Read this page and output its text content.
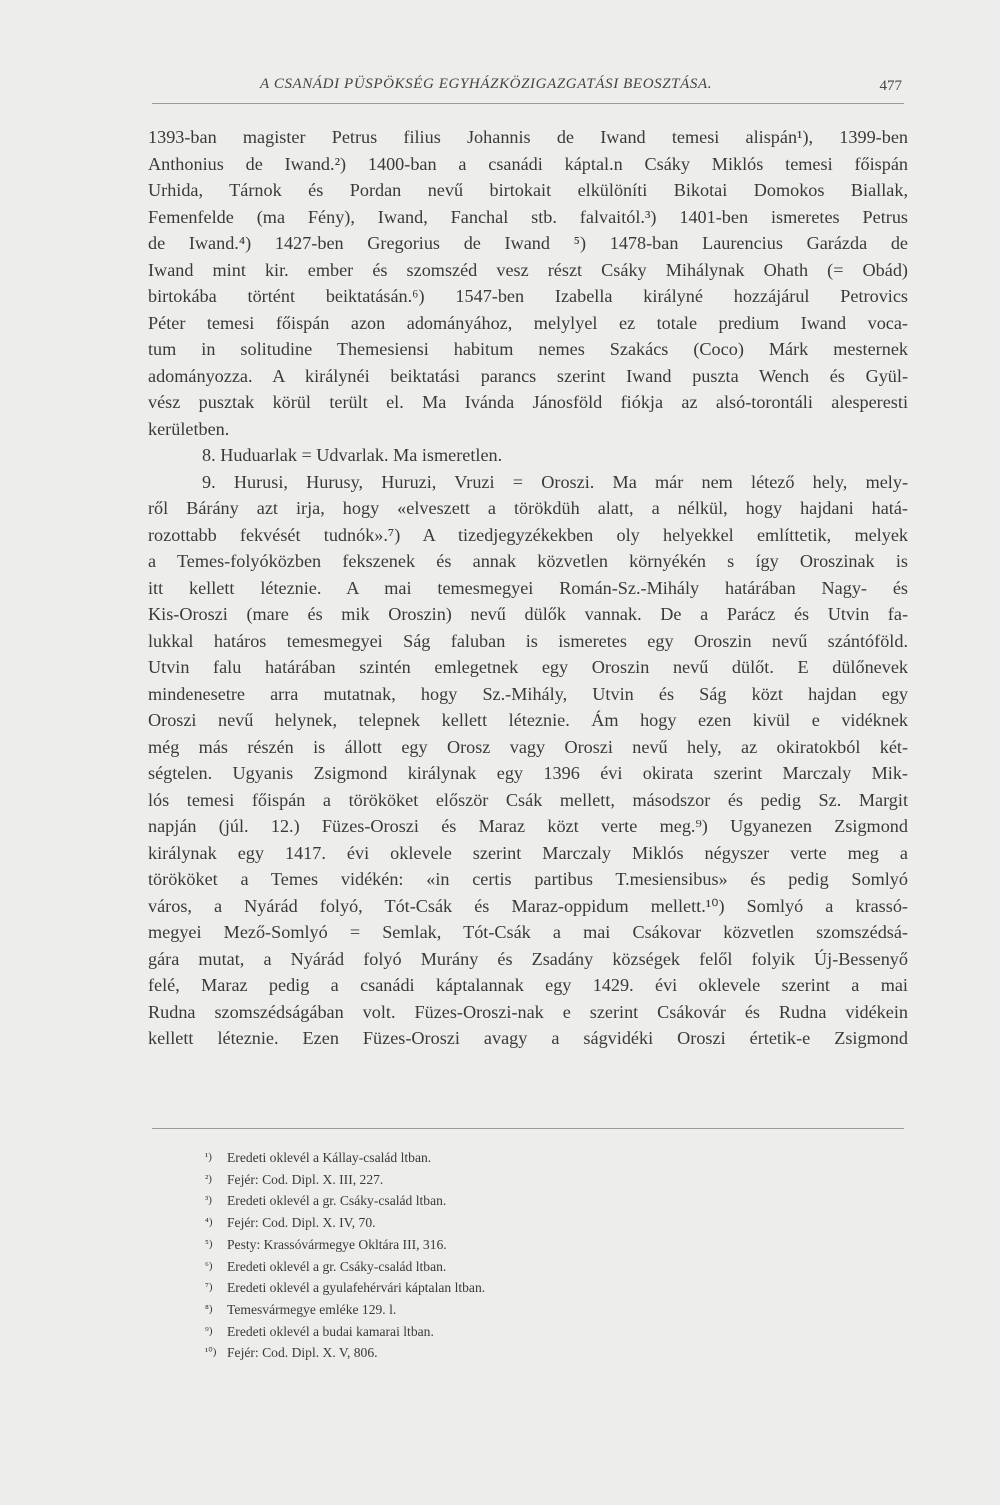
A CSANÁDI PÜSPÖKSÉG EGYHÁZKÖZIGAZGATÁSI BEOSZTÁSA.	477
1393-ban magister Petrus filius Johannis de Iwand temesi alispán¹), 1399-ben
Anthonius de Iwand.²) 1400-ban a csanádi káptal.n Csáky Miklós temesi főispán
Urhida, Tárnok és Pordan nevű birtokait elkülöníti Bikotai Domokos Biallak,
Femenfelde (ma Fény), Iwand, Fanchal stb. falvaitól.³) 1401-ben ismeretes Petrus
de Iwand.⁴) 1427-ben Gregorius de Iwand ⁵) 1478-ban Laurencius Garázda de
Iwand mint kir. ember és szomszéd vesz részt Csáky Mihálynak Ohath (= Obád)
birtokába történt beiktatásán.⁶) 1547-ben Izabella királyné hozzájárul Petrovics
Péter temesi főispán azon adományához, melylyel ez totale predium Iwand voca-
tum in solitudine Themesiensi habitum nemes Szakács (Coco) Márk mesternek
adományozza. A királynéi beiktatási parancs szerint Iwand puszta Wench és Gyül-
vész pusztak körül terült el. Ma Ivánda Jánosföld fiókja az alsó-torontáli alesperesti
kerületben.
8. Huduarlak = Udvarlak. Ma ismeretlen.
9. Hurusi, Hurusy, Huruzi, Vruzi = Oroszi. Ma már nem létező hely, mely-
ről Bárány azt irja, hogy «elveszett a törökdüh alatt, a nélkül, hogy hajdani hatá-
rozottabb fekvését tudnók».⁷) A tizedjegyzékekben oly helyekkel említtetik, melyek
a Temes-folyóközben fekszenek és annak közvetlen környékén s így Oroszinak is
itt kellett léteznie. A mai temesmegyei Román-Sz.-Mihály határában Nagy- és
Kis-Oroszi (mare és mik Oroszin) nevű dülők vannak. De a Parácz és Utvin fa-
lukkal határos temesmegyei Ság faluban is ismeretes egy Oroszin nevű szántóföld.
Utvin falu határában szintén emlegetnek egy Oroszin nevű dülőt. E dülőnevek
mindenesetre arra mutatnak, hogy Sz.-Mihály, Utvin és Ság közt hajdan egy
Oroszi nevű helynek, telepnek kellett léteznie. Ám hogy ezen kivül e vidéknek
még más részén is állott egy Orosz vagy Oroszi nevű hely, az okiratokból két-
ségtelen. Ugyanis Zsigmond királynak egy 1396 évi okirata szerint Marczaly Mik-
lós temesi főispán a törököket először Csák mellett, másodszor és pedig Sz. Margit
napján (júl. 12.) Füzes-Oroszi és Maraz közt verte meg.⁹) Ugyanezen Zsigmond
királynak egy 1417. évi oklevele szerint Marczaly Miklós négyszer verte meg a
törököket a Temes vidékén: «in certis partibus T.mesiensibus» és pedig Somlyó
város, a Nyárád folyó, Tót-Csák és Maraz-oppidum mellett.¹⁰) Somlyó a krassó-
megyei Mező-Somlyó = Semlak, Tót-Csák a mai Csákovar közvetlen szomszédsá-
gára mutat, a Nyárád folyó Murány és Zsadány községek felől folyik Új-Bessenyő
felé, Maraz pedig a csanádi káptalannak egy 1429. évi oklevele szerint a mai
Rudna szomszédságában volt. Füzes-Oroszi-nak e szerint Csákovár és Rudna vidékein
kellett léteznie. Ezen Füzes-Oroszi avagy a ságvidéki Oroszi értetik-e Zsigmond
¹) Eredeti oklevél a Kállay-család ltban.
²) Fejér: Cod. Dipl. X. III, 227.
³) Eredeti oklevél a gr. Csáky-család ltban.
⁴) Fejér: Cod. Dipl. X. IV, 70.
⁵) Pesty: Krassóvármegye Okltára III, 316.
⁶) Eredeti oklevél a gr. Csáky-család ltban.
⁷) Eredeti oklevél a gyulafehérvári káptalan ltban.
⁸) Temesvármegye emléke 129. l.
⁹) Eredeti oklevél a budai kamarai ltban.
¹⁰) Fejér: Cod. Dipl. X. V, 806.
